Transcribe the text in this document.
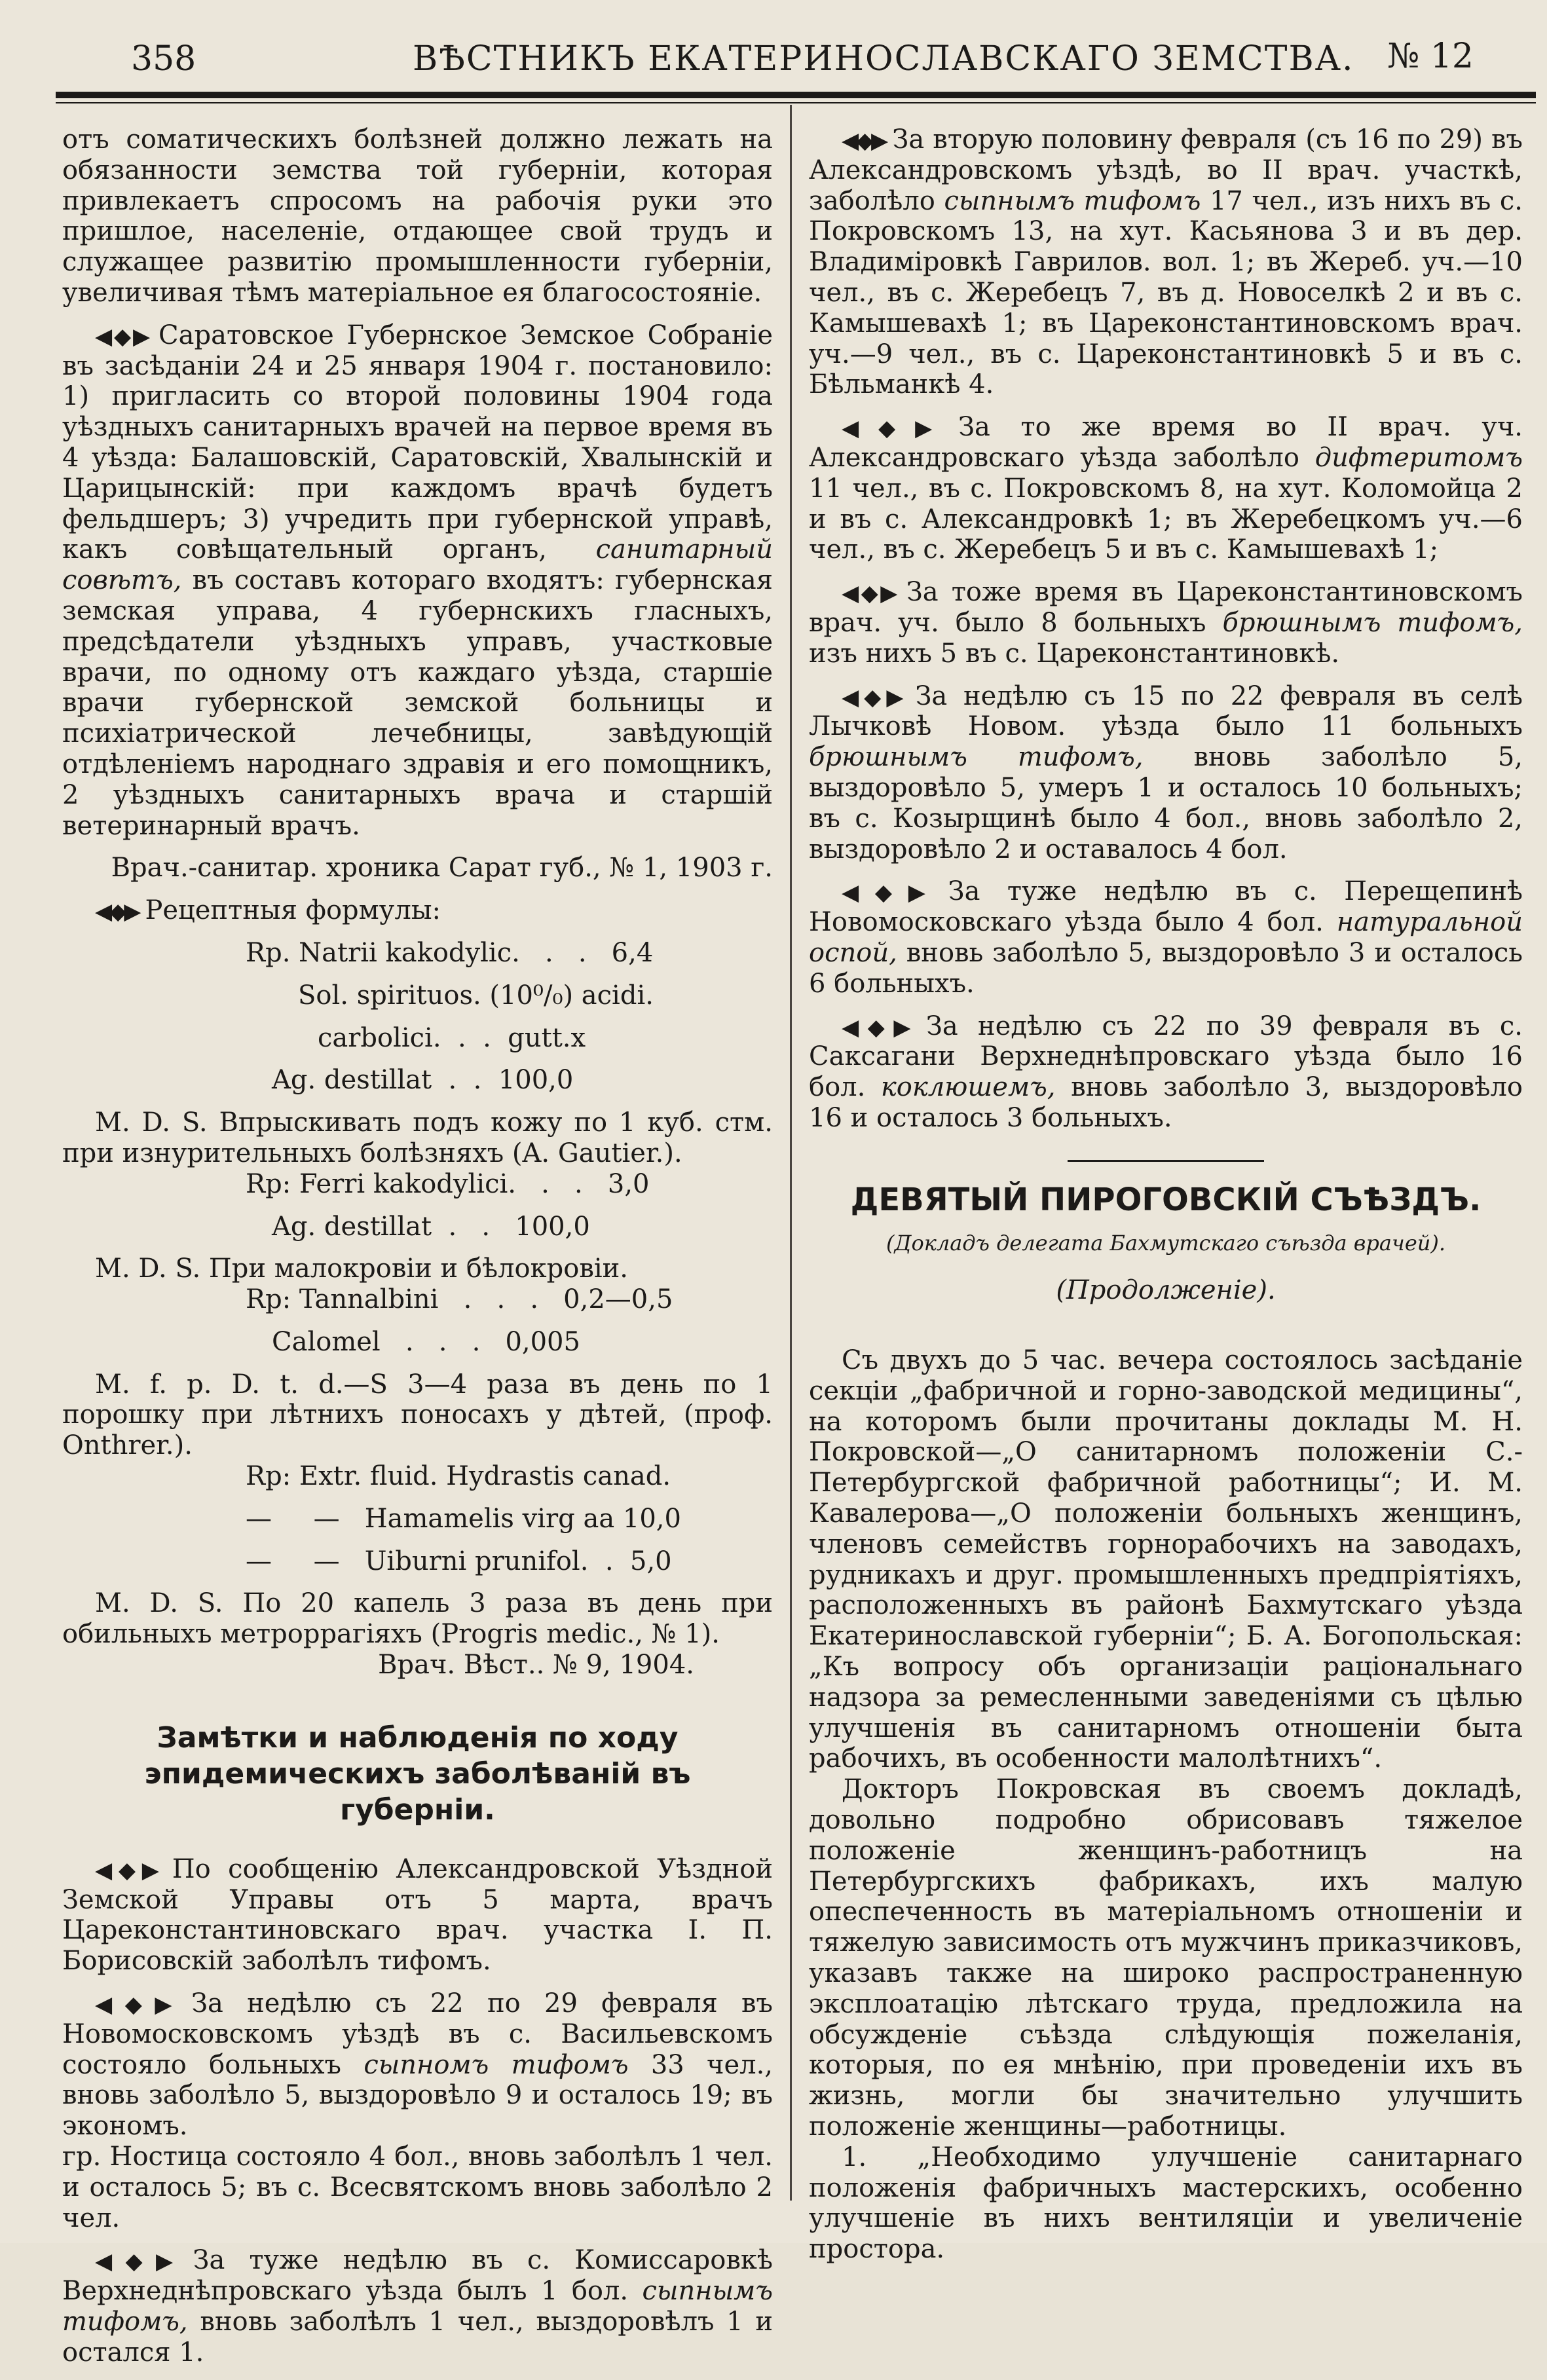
358	ВѢСТНИКЪ ЕКАТЕРИНОСЛАВСКАГО ЗЕМСТВА. № 12

отъ соматическихъ болѣзней должно лежать на обязанности земства той губерніи, которая привлекаетъ спросомъ на рабочія руки это пришлое, населеніе, отдающее свой трудъ и служащее развитію промышленности губерніи, увеличивая тѣмъ матеріальное ея благосостояніе.

◀◆▶ Саратовское Губернское Земское Собраніе въ засѣданіи 24 и 25 января 1904 г. постановило: 1) пригласить со второй половины 1904 года уѣздныхъ санитарныхъ врачей на первое время въ 4 уѣзда: Балашовскій, Саратовскій, Хвалынскій и Царицынскій: при каждомъ врачѣ будетъ фельдшеръ; 3) учредить при губернской управѣ, какъ совѣщательный органъ, санитарный совѣтъ, въ составъ котораго входятъ: губернская земская управа, 4 губернскихъ гласныхъ, предсѣдатели уѣздныхъ управъ, участковые врачи, по одному отъ каждаго уѣзда, старшіе врачи губернской земской больницы и психіатрической лечебницы, завѣдующій отдѣленіемъ народнаго здравія и его помощникъ, 2 уѣздныхъ санитарныхъ врача и старшій ветеринарный врачъ.

Врач.-санитар. хроника Сарат губ., № 1, 1903 г.

◀◆▶ Рецептныя формулы:

Rp. Natrii kakodylic.   .   .   6,4

Sol. spirituos. (10⁰/₀) acidi.

carbolici.  .  .  gutt.x

Ag. destillat  .  .  100,0

M. D. S. Впрыскивать подъ кожу по 1 куб. стм. при изнурительныхъ болѣзняхъ (A. Gautier.).

Rp: Ferri kakodylici.   .   .   3,0

Ag. destillat  .   .   100,0

M. D. S. При малокровіи и бѣлокровіи.

Rp: Tannalbini   .   .   .   0,2—0,5

Calomel   .   .   .   0,005

M. f. p. D. t. d.—S 3—4 раза въ день по 1 порошку при лѣтнихъ поносахъ у дѣтей, (проф. Onthrer.).

Rp: Extr. fluid. Hydrastis canad.

—     —   Hamamelis virg aa 10,0

—     —   Uiburni prunifol.  .  5,0

M. D. S. По 20 капель 3 раза въ день при обильныхъ метроррагіяхъ (Progris medic., № 1).

Врач. Вѣст.. № 9, 1904.

Замѣтки и наблюденія по ходу эпидемическихъ заболѣваній въ губерніи.

◀◆▶ По сообщенію Александровской Уѣздной Земской Управы отъ 5 марта, врачъ Цареконстантиновскаго врач. участка I. П. Борисовскій заболѣлъ тифомъ.

◀◆▶ За недѣлю съ 22 по 29 февраля въ Новомосковскомъ уѣздѣ въ с. Васильевскомъ состояло больныхъ сыпномъ тифомъ 33 чел., вновь заболѣло 5, выздоровѣло 9 и осталось 19; въ экономъ.

гр. Ностица состояло 4 бол., вновь заболѣлъ 1 чел. и осталось 5; въ с. Всесвятскомъ вновь заболѣло 2 чел.

◀◆▶ За туже недѣлю въ с. Комиссаровкѣ Верхнеднѣпровскаго уѣзда былъ 1 бол. сыпнымъ тифомъ, вновь заболѣлъ 1 чел., выздоровѣлъ 1 и остался 1.

◀◆▶ За вторую половину февраля (съ 16 по 29) въ Александровскомъ уѣздѣ, во II врач. участкѣ, заболѣло сыпнымъ тифомъ 17 чел., изъ нихъ въ с. Покровскомъ 13, на хут. Касьянова 3 и въ дер. Владиміровкѣ Гаврилов. вол. 1; въ Жереб. уч.—10 чел., въ с. Жеребецъ 7, въ д. Новоселкѣ 2 и въ с. Камышевахѣ 1; въ Цареконстантиновскомъ врач. уч.—9 чел., въ с. Цареконстантиновкѣ 5 и въ с. Бѣльманкѣ 4.

◀◆▶ За то же время во II врач. уч. Александровскаго уѣзда заболѣло дифтеритомъ 11 чел., въ с. Покровскомъ 8, на хут. Коломойца 2 и въ с. Александровкѣ 1; въ Жеребецкомъ уч.—6 чел., въ с. Жеребецъ 5 и въ с. Камышевахѣ 1;

◀◆▶ За тоже время въ Цареконстантиновскомъ врач. уч. было 8 больныхъ брюшнымъ тифомъ, изъ нихъ 5 въ с. Цареконстантиновкѣ.

◀◆▶ За недѣлю съ 15 по 22 февраля въ селѣ Лычковѣ Новом. уѣзда было 11 больныхъ брюшнымъ тифомъ, вновь заболѣло 5, выздоровѣло 5, умеръ 1 и осталось 10 больныхъ; въ с. Козырщинѣ было 4 бол., вновь заболѣло 2, выздоровѣло 2 и оставалось 4 бол.

◀◆▶ За туже недѣлю въ с. Перещепинѣ Новомосковскаго уѣзда было 4 бол. натуральной оспой, вновь заболѣло 5, выздоровѣло 3 и осталось 6 больныхъ.

◀◆▶ За недѣлю съ 22 по 39 февраля въ с. Саксагани Верхнеднѣпровскаго уѣзда было 16 бол. коклюшемъ, вновь заболѣло 3, выздоровѣло 16 и осталось 3 больныхъ.

ДЕВЯТЫЙ ПИРОГОВСКІЙ СЪѢЗДЪ.
(Докладъ делегата Бахмутскаго съѣзда врачей).
(Продолженіе).

Съ двухъ до 5 час. вечера состоялось засѣданіе секціи „фабричной и горно-заводской медицины“, на которомъ были прочитаны доклады М. Н. Покровской—„О санитарномъ положеніи С.-Петербургской фабричной работницы“; И. М. Кавалерова—„О положеніи больныхъ женщинъ, членовъ семействъ горнорабочихъ на заводахъ, рудникахъ и друг. промышленныхъ предпріятіяхъ, расположенныхъ въ районѣ Бахмутскаго уѣзда Екатеринославской губерніи“; Б. А. Богопольская: „Къ вопросу объ организаціи раціональнаго надзора за ремесленными заведеніями съ цѣлью улучшенія въ санитарномъ отношеніи быта рабочихъ, въ особенности малолѣтнихъ“.

Докторъ Покровская въ своемъ докладѣ, довольно подробно обрисовавъ тяжелое положеніе женщинъ-работницъ на Петербургскихъ фабрикахъ, ихъ малую опеспеченность въ матеріальномъ отношеніи и тяжелую зависимость отъ мужчинъ приказчиковъ, указавъ также на широко распространенную эксплоатацію лѣтскаго труда, предложила на обсужденіе съѣзда слѣдующія пожеланія, которыя, по ея мнѣнію, при проведеніи ихъ въ жизнь, могли бы значительно улучшить положеніе женщины—работницы.

1. „Необходимо улучшеніе санитарнаго положенія фабричныхъ мастерскихъ, особенно улучшеніе въ нихъ вентиляціи и увеличеніе простора.
